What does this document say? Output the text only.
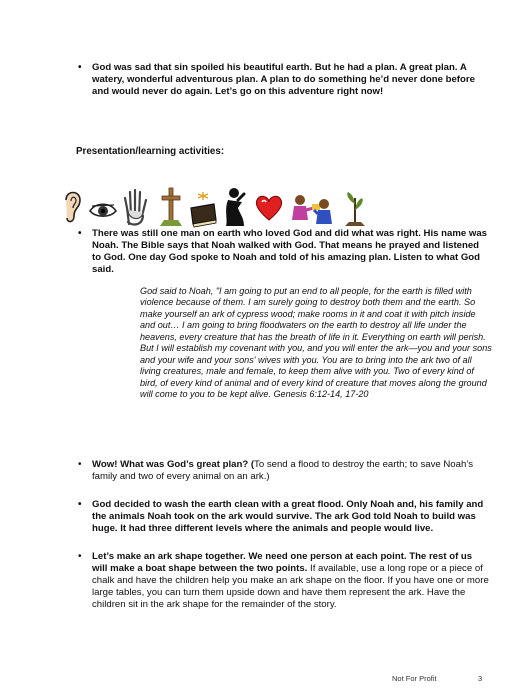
• God was sad that sin spoiled his beautiful earth. But he had a plan. A great plan. A watery, wonderful adventurous plan. A plan to do something he’d never done before and would never do again. Let’s go on this adventure right now!
Presentation/learning activities:
• There was still one man on earth who loved God and did what was right. His name was Noah. The Bible says that Noah walked with God. That means he prayed and listened to God. One day God spoke to Noah and told of his amazing plan. Listen to what God said.
God said to Noah, "I am going to put an end to all people, for the earth is filled with violence because of them. I am surely going to destroy both them and the earth. So make yourself an ark of cypress wood; make rooms in it and coat it with pitch inside and out… I am going to bring floodwaters on the earth to destroy all life under the heavens, every creature that has the breath of life in it. Everything on earth will perish. But I will establish my covenant with you, and you will enter the ark—you and your sons and your wife and your sons' wives with you. You are to bring into the ark two of all living creatures, male and female, to keep them alive with you. Two of every kind of bird, of every kind of animal and of every kind of creature that moves along the ground will come to you to be kept alive. Genesis 6:12-14, 17-20
• Wow! What was God’s great plan? (To send a flood to destroy the earth; to save Noah’s family and two of every animal on an ark.)
• God decided to wash the earth clean with a great flood. Only Noah and, his family and the animals Noah took on the ark would survive. The ark God told Noah to build was huge. It had three different levels where the animals and people would live.
• Let’s make an ark shape together. We need one person at each point. The rest of us will make a boat shape between the two points. If available, use a long rope or a piece of chalk and have the children help you make an ark shape on the floor. If you have one or more large tables, you can turn them upside down and have them represent the ark. Have the children sit in the ark shape for the remainder of the story.
Not For Profit	3
